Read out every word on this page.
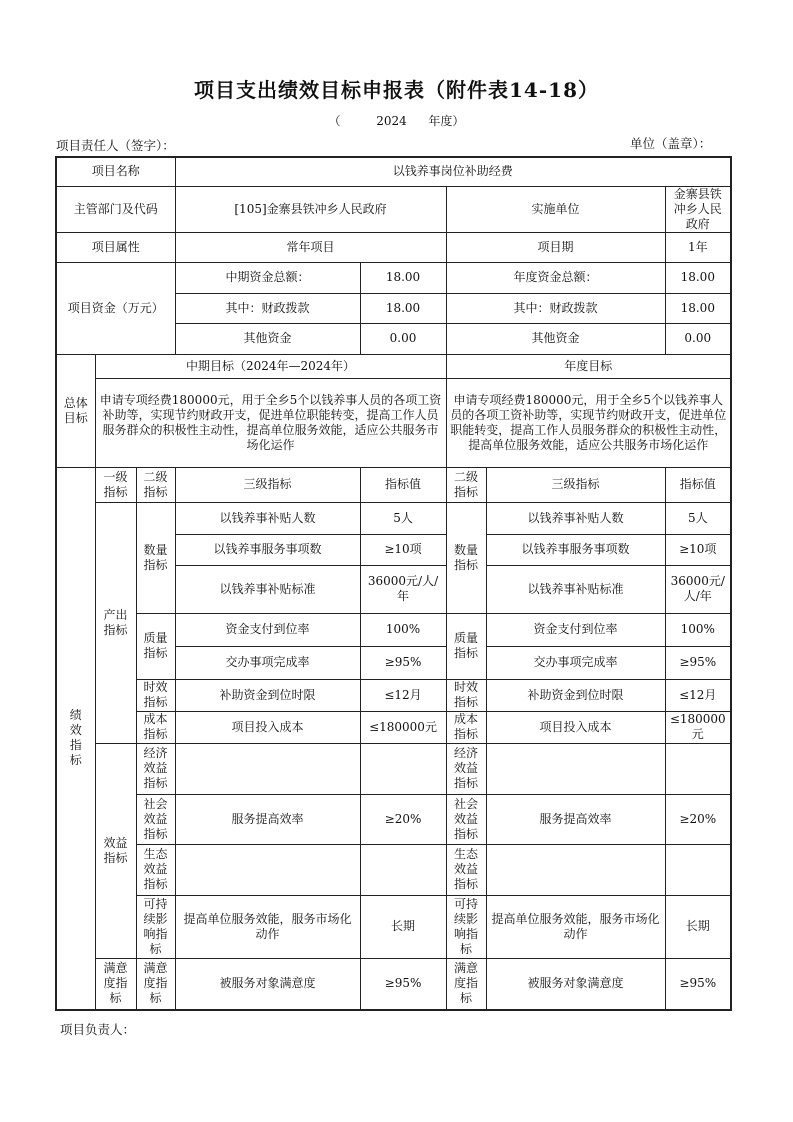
项目支出绩效目标申报表（附件表14-18）
（	2024 年度）
项目责任人（签字）：	单位（盖章）：
项目名称			以钱养事岗位补助经费				
主管部门及代码			[105]金寨县铁冲乡人民政府		实施单位		金寨县铁冲乡人民政府
项目属性			常年项目		项目期		1年
项目资金（万元）			中期资金总额：	18.00	年度资金总额：		18.00
			其中：财政拨款	18.00	其中：财政拨款		18.00
			其他资金	0.00	其他资金		0.00
总体目标	中期目标（2024年—2024年）				年度目标		
	申请专项经费180000元，用于全乡5个以钱养事人员的各项工资补助等，实现节约财政开支，促进单位职能转变，提高工作人员服务群众的积极性主动性，提高单位服务效能，适应公共服务市场化运作				申请专项经费180000元，用于全乡5个以钱养事人员的各项工资补助等，实现节约财政开支，促进单位职能转变，提高工作人员服务群众的积极性主动性，提高单位服务效能，适应公共服务市场化运作		
绩效指标	一级指标	二级指标	三级指标	指标值	二级指标	三级指标	指标值
	产出指标	数量指标	以钱养事补贴人数	5人	数量指标	以钱养事补贴人数	5人
			以钱养事服务事项数	≥10项		以钱养事服务事项数	≥10项
			以钱养事补贴标准	36000元/人/年		以钱养事补贴标准	36000元/人/年
		质量指标	资金支付到位率	100%	质量指标	资金支付到位率	100%
			交办事项完成率	≥95%		交办事项完成率	≥95%
		时效指标	补助资金到位时限	≤12月	时效指标	补助资金到位时限	≤12月
		成本指标	项目投入成本	≤180000元	成本指标	项目投入成本	≤180000元
	效益指标	经济效益指标			经济效益指标		
		社会效益指标	服务提高效率	≥20%	社会效益指标	服务提高效率	≥20%
		生态效益指标			生态效益指标		
		可持续影响指标	提高单位服务效能，服务市场化动作	长期	可持续影响指标	提高单位服务效能，服务市场化动作	长期
	满意度指标	满意度指标	被服务对象满意度	≥95%	满意度指标	被服务对象满意度	≥95%
项目负责人：
